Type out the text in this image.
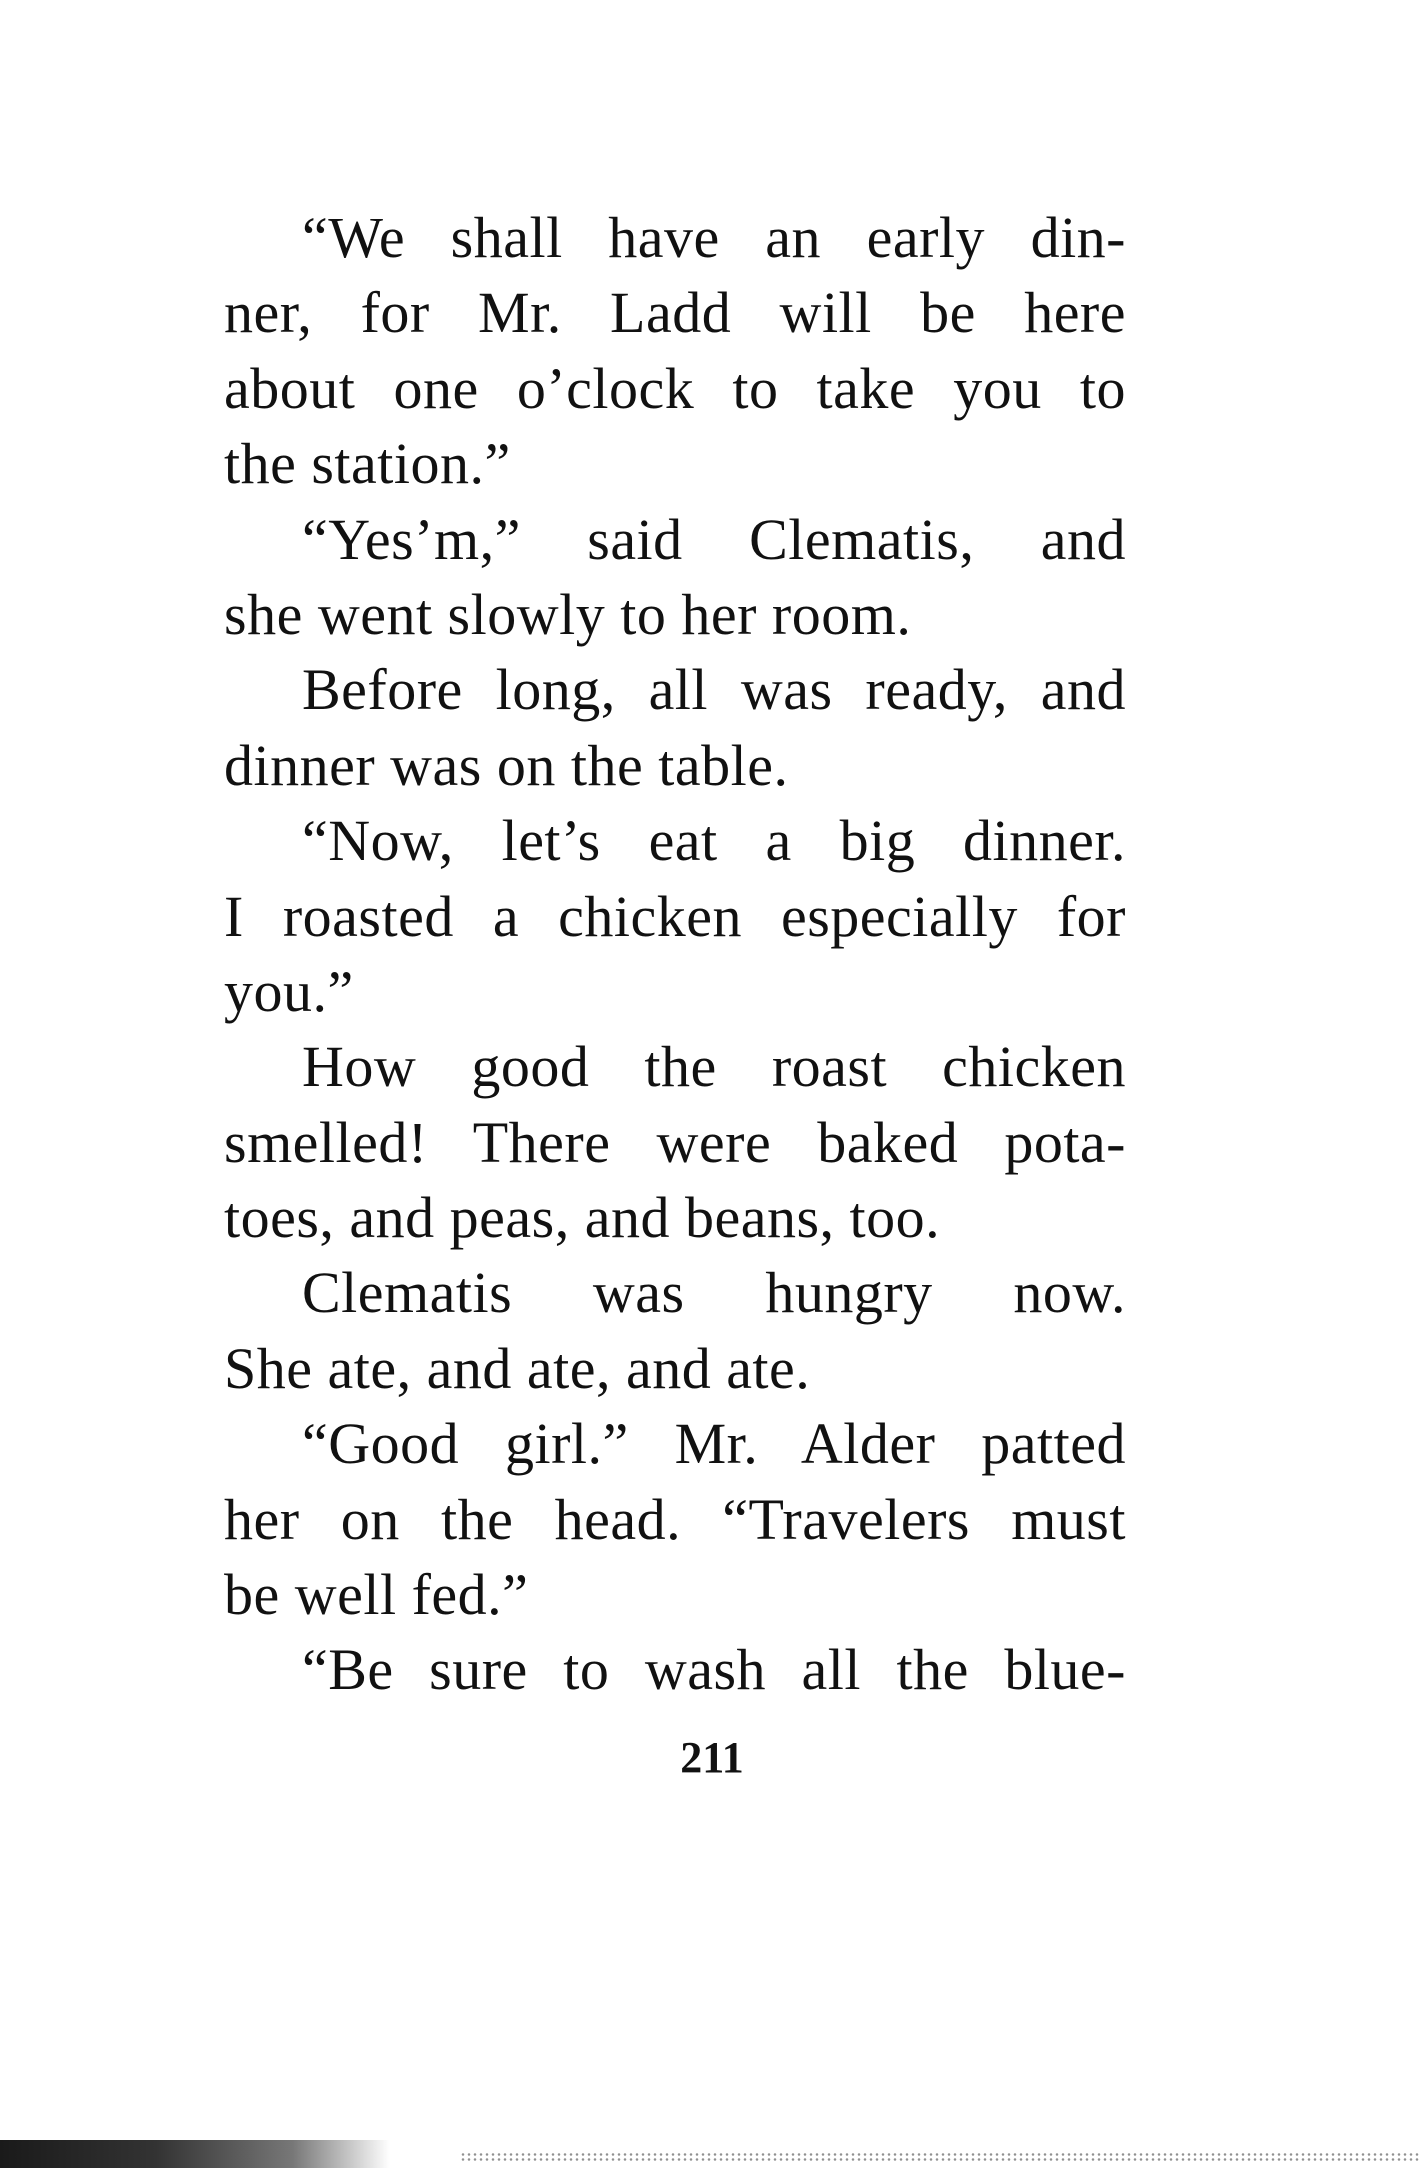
“We shall have an early din-
ner, for Mr. Ladd will be here
about one o’clock to take you to
the station.”
“Yes’m,” said Clematis, and
she went slowly to her room.
Before long, all was ready, and
dinner was on the table.
“Now, let’s eat a big dinner.
I roasted a chicken especially for
you.”
How good the roast chicken
smelled! There were baked pota-
toes, and peas, and beans, too.
Clematis was hungry now.
She ate, and ate, and ate.
“Good girl.” Mr. Alder patted
her on the head. “Travelers must
be well fed.”
“Be sure to wash all the blue-
211
